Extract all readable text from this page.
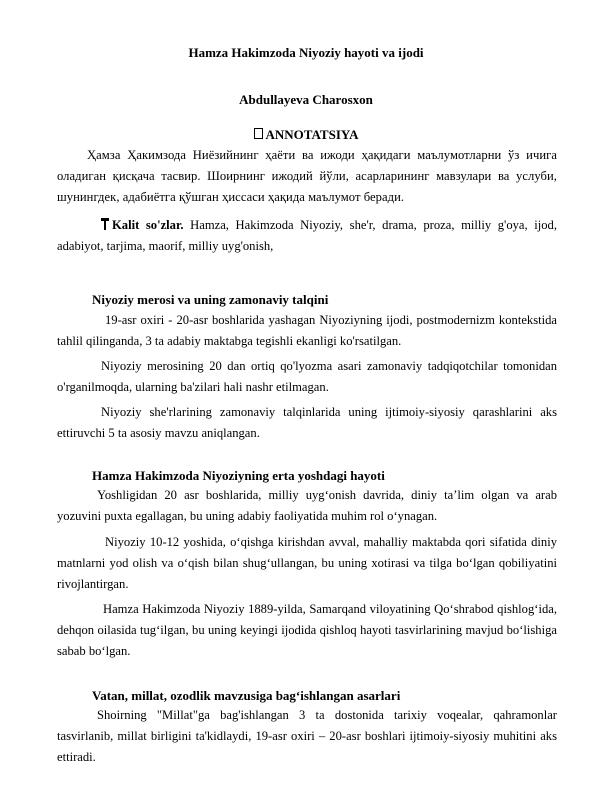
Hamza Hakimzoda Niyoziy hayoti va ijodi
Abdullayeva Charosxon
ANNOTATSIYA
Ҳамза Ҳакимзода Ниёзийнинг ҳаёти ва ижоди ҳақидаги маълумотларни ўз ичига оладиган қисқача тасвир. Шоирнинг ижодий йўли, асарларининг мавзулари ва услуби, шунингдек, адабиётга қўшган ҳиссаси ҳақида маълумот беради.
Kalit so'zlar. Hamza, Hakimzoda Niyoziy, she'r, drama, proza, milliy g'oya, ijod, adabiyot, tarjima, maorif, milliy uyg'onish,
Niyoziy merosi va uning zamonaviy talqini
19-asr oxiri - 20-asr boshlarida yashagan Niyoziyning ijodi, postmodernizm kontekstida tahlil qilinganda, 3 ta adabiy maktabga tegishli ekanligi ko'rsatilgan.
Niyoziy merosining 20 dan ortiq qo'lyozma asari zamonaviy tadqiqotchilar tomonidan o'rganilmoqda, ularning ba'zilari hali nashr etilmagan.
Niyoziy she'rlarining zamonaviy talqinlarida uning ijtimoiy-siyosiy qarashlarini aks ettiruvchi 5 ta asosiy mavzu aniqlangan.
Hamza Hakimzoda Niyoziyning erta yoshdagi hayoti
Yoshligidan 20 asr boshlarida, milliy uyg‘onish davrida, diniy ta’lim olgan va arab yozuvini puxta egallagan, bu uning adabiy faoliyatida muhim rol o‘ynagan.
Niyoziy 10-12 yoshida, o‘qishga kirishdan avval, mahalliy maktabda qori sifatida diniy matnlarni yod olish va o‘qish bilan shug‘ullangan, bu uning xotirasi va tilga bo‘lgan qobiliyatini rivojlantirgan.
Hamza Hakimzoda Niyoziy 1889-yilda, Samarqand viloyatining Qo‘shrabod qishlog‘ida, dehqon oilasida tug‘ilgan, bu uning keyingi ijodida qishloq hayoti tasvirlarining mavjud bo‘lishiga sabab bo‘lgan.
Vatan, millat, ozodlik mavzusiga bag‘ishlangan asarlari
Shoirning "Millat"ga bag'ishlangan 3 ta dostonida tarixiy voqealar, qahramonlar tasvirlanib, millat birligini ta'kidlaydi, 19-asr oxiri – 20-asr boshlari ijtimoiy-siyosiy muhitini aks ettiradi.
